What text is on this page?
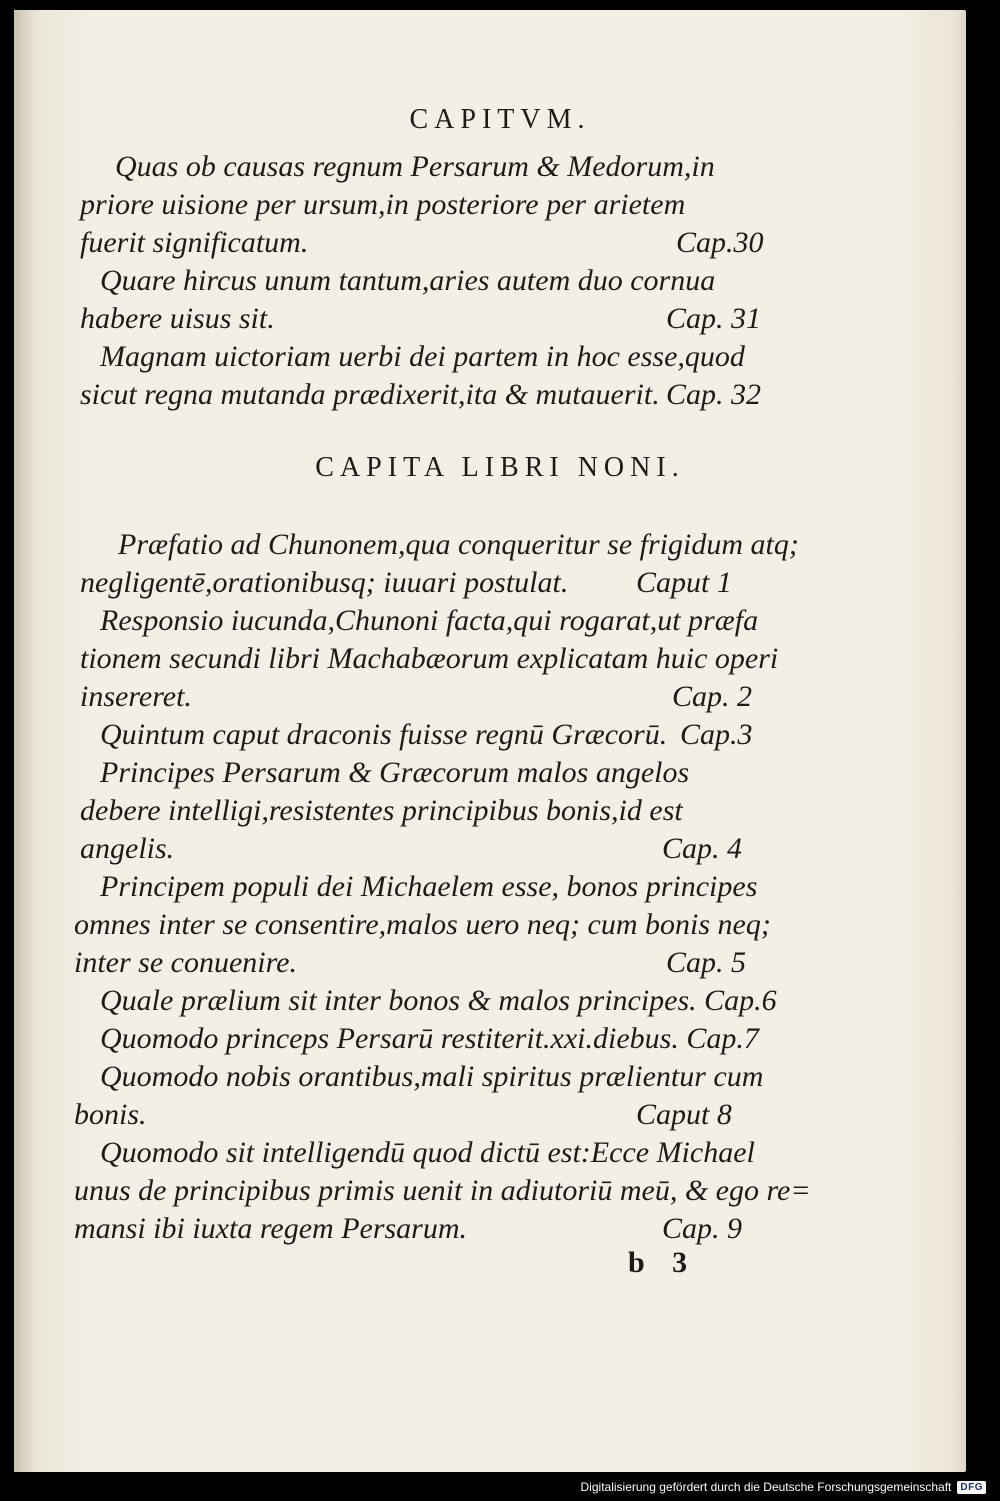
CAPITVM.
Quas ob causas regnum Persarum & Medorum,in
priore uisione per ursum,in posteriore per arietem
fuerit significatum.	Cap.30
Quare hircus unum tantum,aries autem duo cornua
habere uisus sit.	Cap. 31
Magnam uictoriam uerbi dei partem in hoc esse,quod
sicut regna mutanda prædixerit,ita & mutauerit. Cap. 32
CAPITA LIBRI NONI.
Præfatio ad Chunonem,qua conqueritur se frigidum atq;
negligentē,orationibusq; iuuari postulat. Caput 1
Responsio iucunda,Chunoni facta,qui rogarat,ut præfa
tionem secundi libri Machabæorum explicatam huic operi
insereret.	Cap. 2
Quintum caput draconis fuisse regnū Græcorū. Cap.3
Principes Persarum & Græcorum malos angelos
debere intelligi,resistentes principibus bonis,id est
angelis.	Cap. 4
Principem populi dei Michaelem esse, bonos principes
omnes inter se consentire,malos uero neq; cum bonis neq;
inter se conuenire.	Cap. 5
Quale prælium sit inter bonos & malos principes. Cap.6
Quomodo princeps Persarū restiterit.xxi.diebus. Cap.7
Quomodo nobis orantibus,mali spiritus prælientur cum
bonis.	Caput 8
Quomodo sit intelligendū quod dictū est:Ecce Michael
unus de principibus primis uenit in adiutoriū meū, & ego re=
mansi ibi iuxta regem Persarum.	Cap. 9
b 3
Digitalisierung gefördert durch die Deutsche Forschungsgemeinschaft DFG
